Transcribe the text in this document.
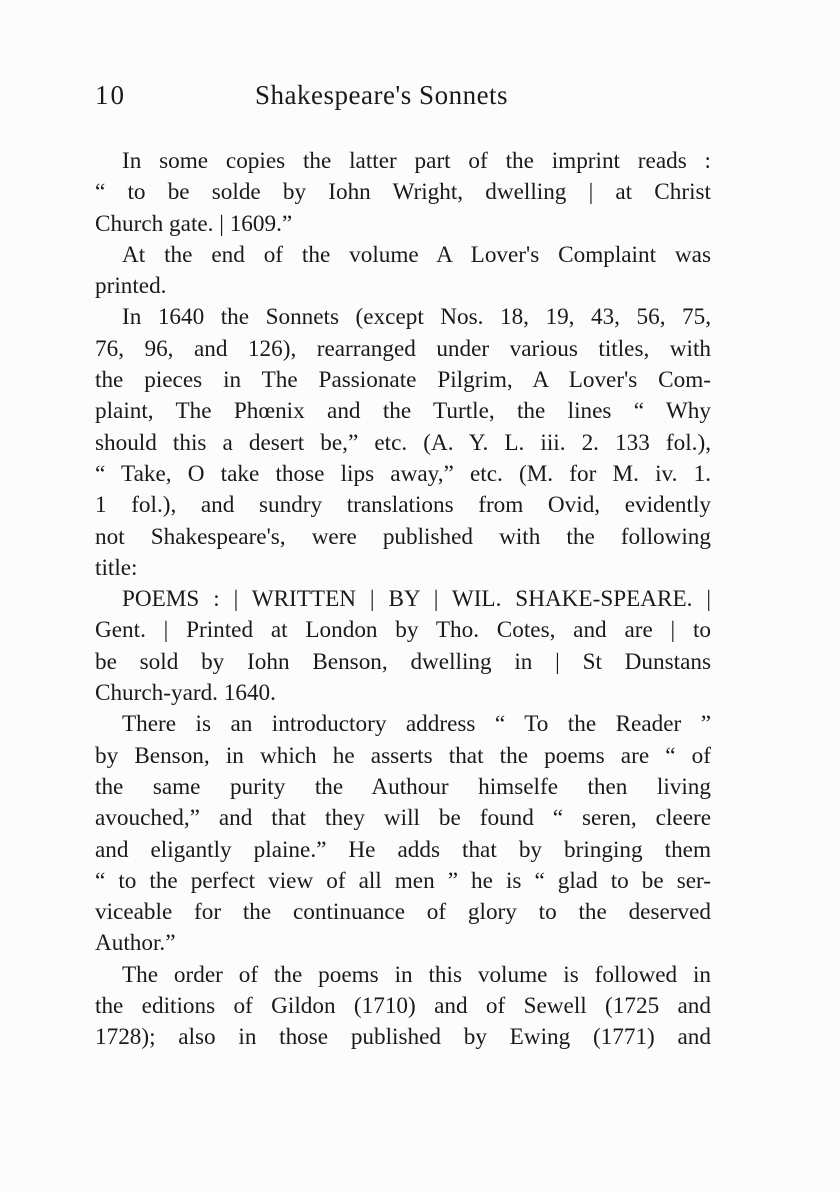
10	Shakespeare's Sonnets
In some copies the latter part of the imprint reads :
“ to be solde by Iohn Wright, dwelling | at Christ
Church gate. | 1609.”
At the end of the volume A Lover's Complaint was
printed.
In 1640 the Sonnets (except Nos. 18, 19, 43, 56, 75,
76, 96, and 126), rearranged under various titles, with
the pieces in The Passionate Pilgrim, A Lover's Com-
plaint, The Phœnix and the Turtle, the lines “ Why
should this a desert be,” etc. (A. Y. L. iii. 2. 133 fol.),
“ Take, O take those lips away,” etc. (M. for M. iv. 1.
1 fol.), and sundry translations from Ovid, evidently
not Shakespeare's, were published with the following
title:
POEMS : | WRITTEN | BY | WIL. SHAKE-SPEARE. |
Gent. | Printed at London by Tho. Cotes, and are | to
be sold by Iohn Benson, dwelling in | St Dunstans
Church-yard. 1640.
There is an introductory address “ To the Reader ”
by Benson, in which he asserts that the poems are “ of
the same purity the Authour himselfe then living
avouched,” and that they will be found “ seren, cleere
and eligantly plaine.” He adds that by bringing them
“ to the perfect view of all men ” he is “ glad to be ser-
viceable for the continuance of glory to the deserved
Author.”
The order of the poems in this volume is followed in
the editions of Gildon (1710) and of Sewell (1725 and
1728); also in those published by Ewing (1771) and
